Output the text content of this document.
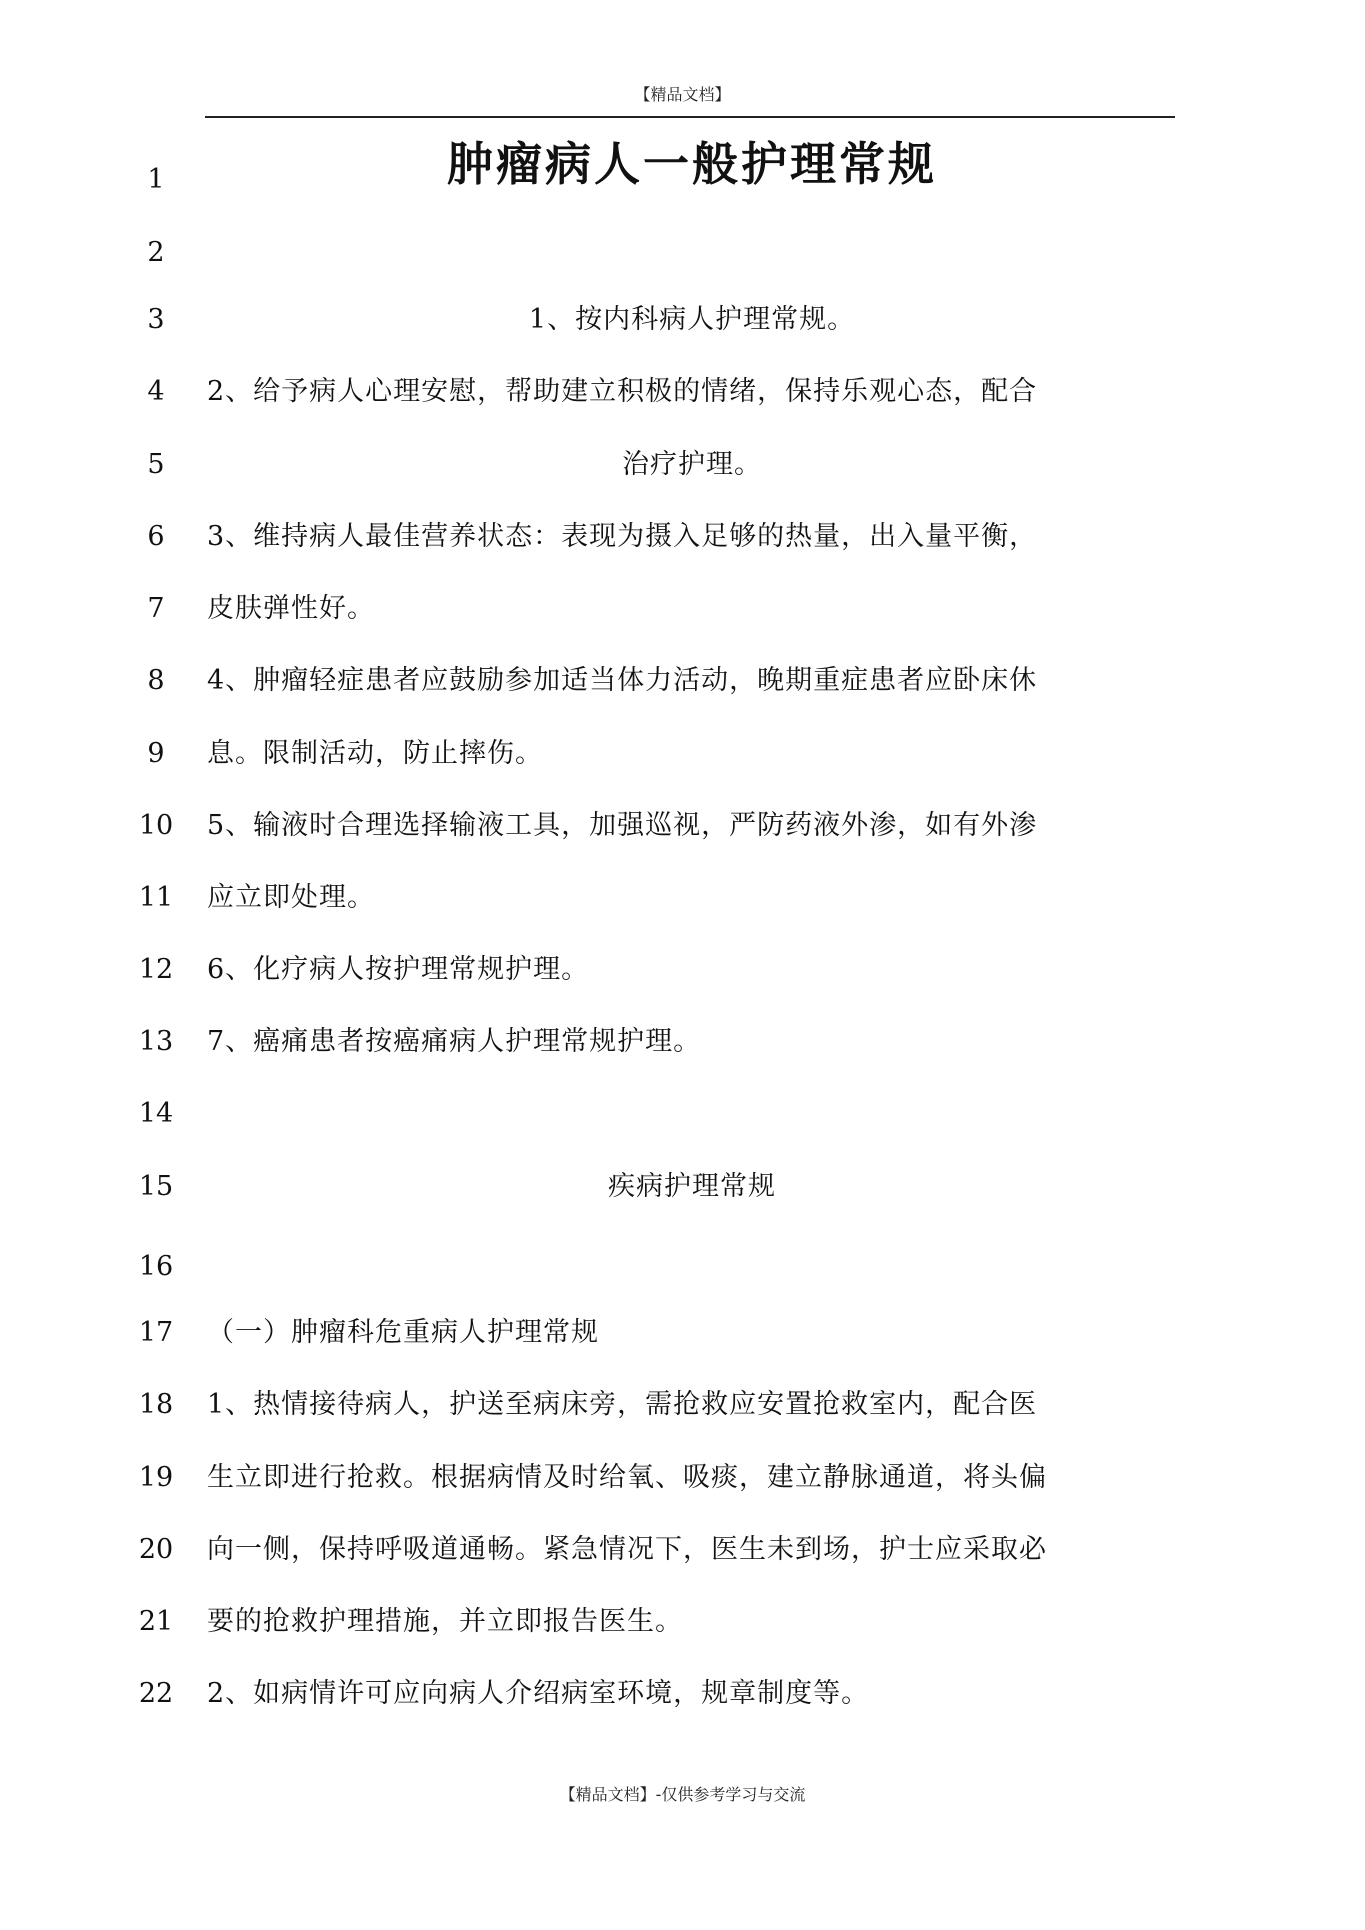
【精品文档】
1	肿瘤病人一般护理常规
2
3	1、按内科病人护理常规。
4	2、给予病人心理安慰，帮助建立积极的情绪，保持乐观心态，配合
5	治疗护理。
6	3、维持病人最佳营养状态：表现为摄入足够的热量，出入量平衡，
7	皮肤弹性好。
8	4、肿瘤轻症患者应鼓励参加适当体力活动，晚期重症患者应卧床休
9	息。限制活动，防止摔伤。
10	5、输液时合理选择输液工具，加强巡视，严防药液外渗，如有外渗
11	应立即处理。
12	6、化疗病人按护理常规护理。
13	7、癌痛患者按癌痛病人护理常规护理。
14
15	疾病护理常规
16
17	（一）肿瘤科危重病人护理常规
18	1、热情接待病人，护送至病床旁，需抢救应安置抢救室内，配合医
19	生立即进行抢救。根据病情及时给氧、吸痰，建立静脉通道，将头偏
20	向一侧，保持呼吸道通畅。紧急情况下，医生未到场，护士应采取必
21	要的抢救护理措施，并立即报告医生。
22	2、如病情许可应向病人介绍病室环境，规章制度等。
【精品文档】-仅供参考学习与交流
